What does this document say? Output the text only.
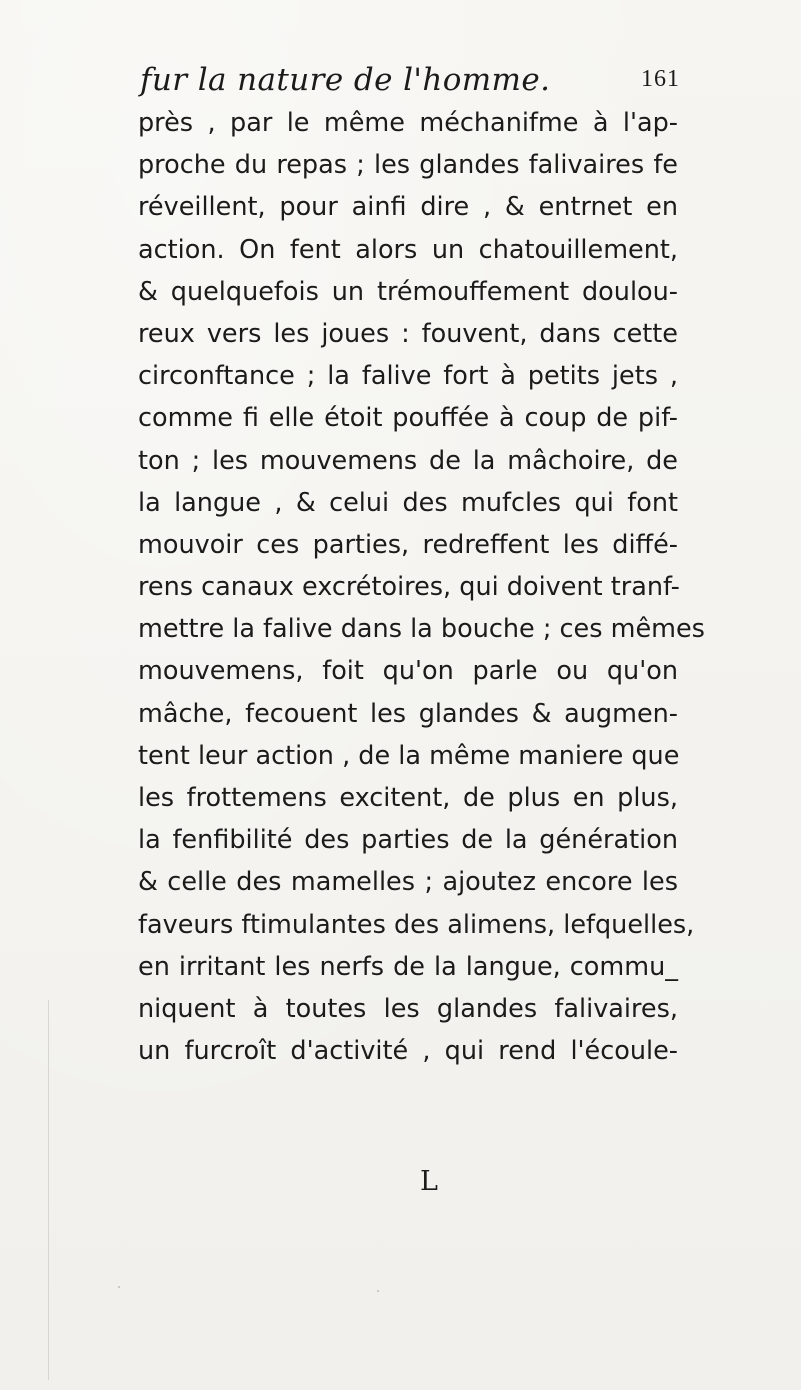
fur la nature de l'homme.	161
près , par le même méchanifme à l'ap-
proche du repas ; les glandes falivaires fe
réveillent, pour ainfi dire , & entrnet en
action. On fent alors un chatouillement,
& quelquefois un trémouffement doulou-
reux vers les joues : fouvent, dans cette
circonftance ; la falive fort à petits jets ,
comme fi elle étoit pouffée à coup de pif-
ton ; les mouvemens de la mâchoire, de
la langue , & celui des mufcles qui font
mouvoir ces parties, redreffent les diffé-
rens canaux excrétoires, qui doivent tranf-
mettre la falive dans la bouche ; ces mêmes
mouvemens, foit qu'on parle ou qu'on
mâche, fecouent les glandes & augmen-
tent leur action , de la même maniere que
les frottemens excitent, de plus en plus,
la fenfibilité des parties de la génération
& celle des mamelles ; ajoutez encore les
faveurs ftimulantes des alimens, lefquelles,
en irritant les nerfs de la langue, commu_
niquent à toutes les glandes falivaires,
un furcroît d'activité , qui rend l'écoule-
L
